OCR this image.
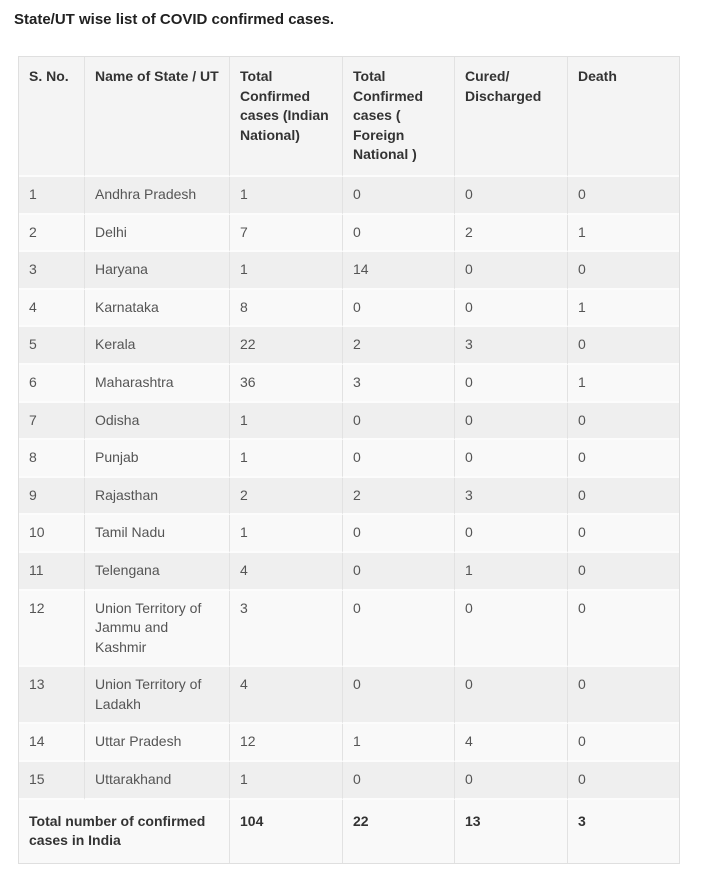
State/UT wise list of COVID confirmed cases.
S. No.	Name of State / UT	Total Confirmed cases (Indian National)	Total Confirmed cases ( Foreign National )	Cured/ Discharged	Death
1	Andhra Pradesh	1	0	0	0
2	Delhi	7	0	2	1
3	Haryana	1	14	0	0
4	Karnataka	8	0	0	1
5	Kerala	22	2	3	0
6	Maharashtra	36	3	0	1
7	Odisha	1	0	0	0
8	Punjab	1	0	0	0
9	Rajasthan	2	2	3	0
10	Tamil Nadu	1	0	0	0
11	Telengana	4	0	1	0
12	Union Territory of Jammu and Kashmir	3	0	0	0
13	Union Territory of Ladakh	4	0	0	0
14	Uttar Pradesh	12	1	4	0
15	Uttarakhand	1	0	0	0
Total number of confirmed cases in India		104	22	13	3
